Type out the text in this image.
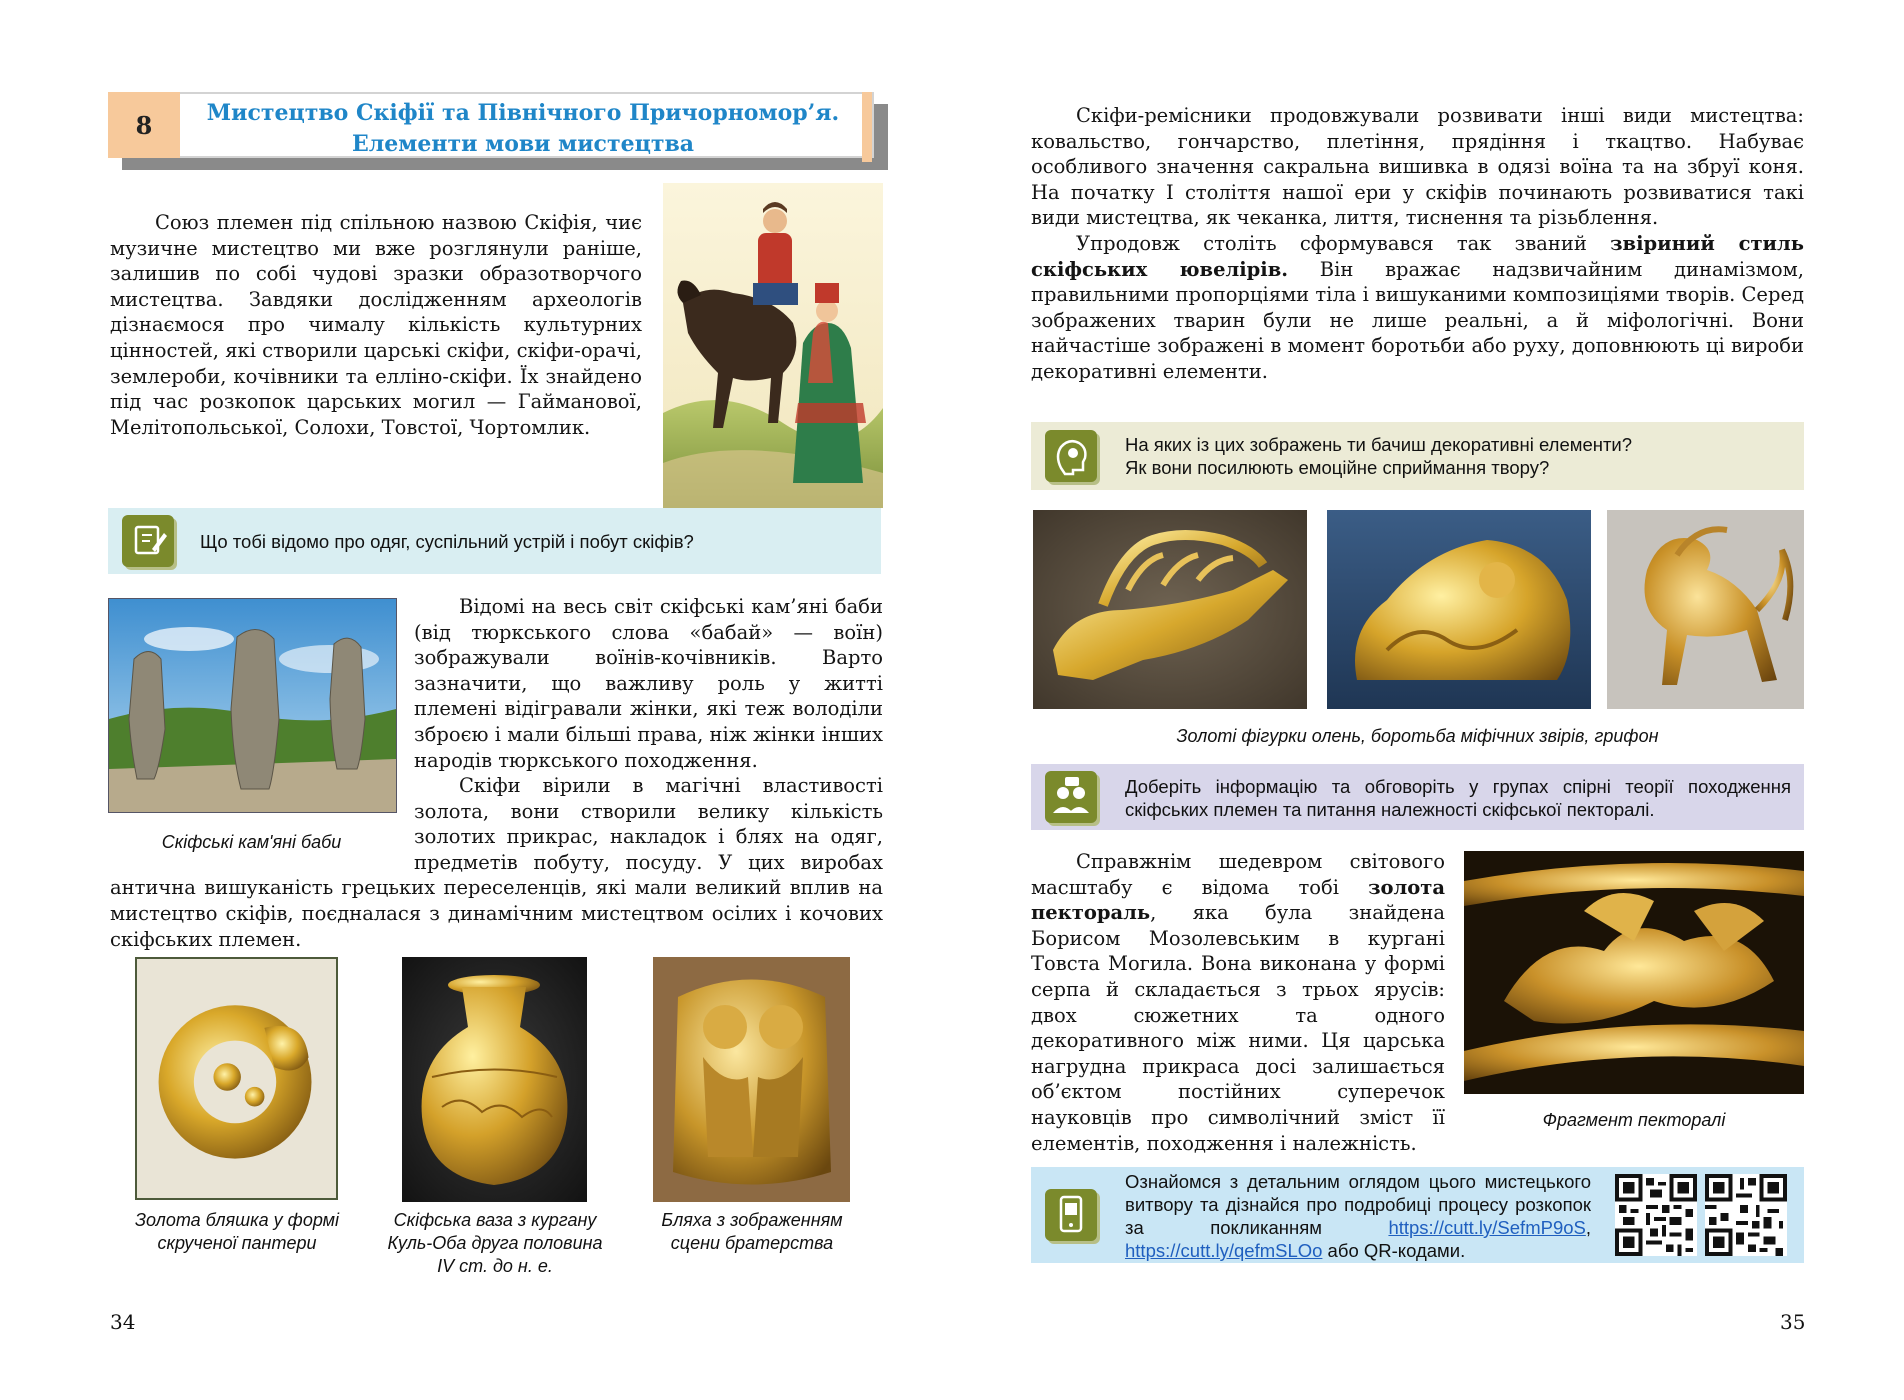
8	Мистецтво Скіфії та Північного Причорномор’я.
Елементи мови мистецтва

Союз племен під спільною назвою Скіфія, чиє музичне мистецтво ми вже розглянули раніше, залишив по собі чудові зразки образотворчого мистецтва. Завдяки дослідженням археологів дізнаємося про чималу кількість культурних цінностей, які створили царські скіфи, скіфи-орачі, землероби, кочівники та елліно-скіфи. Їх знайдено під час розкопок царських могил — Гайманової, Мелітопольської, Солохи, Товстої, Чортомлик.

Що тобі відомо про одяг, суспільний устрій і побут скіфів?
Скіфські кам'яні баби

Відомі на весь світ скіфські кам’яні баби (від тюркського слова «бабай» — воїн) зображували воїнів-кочівників. Варто зазначити, що важливу роль у житті племені відігравали жінки, які теж володіли зброєю і мали більші права, ніж жінки інших народів тюркського походження.

Скіфи вірили в магічні властивості золота, вони створили велику кількість золотих прикрас, накладок і блях на одяг, предметів побуту, посуду. У цих виробах антична вишуканість грецьких переселенців, які мали великий вплив на мистецтво скіфів, поєдналася з динамічним мистецтвом осілих і кочових скіфських племен.

Золота бляшка у формі
скрученої пантери
Скіфська ваза з кургану
Куль-Оба друга половина
IV ст. до н. е.
Бляха з зображенням
сцени братерства
34

Скіфи-ремісники продовжували розвивати інші види мистецтва: ковальство, гончарство, плетіння, прядіння і ткацтво. Набуває особливого значення сакральна вишивка в одязі воїна та на збруї коня. На початку І століття нашої ери у скіфів починають розвиватися такі види мистецтва, як чеканка, лиття, тиснення та різьблення.

Упродовж століть сформувався так званий звіриний стиль скіфських ювелірів. Він вражає надзвичайним динамізмом, правильними пропорціями тіла і вишуканими композиціями творів. Серед зображених тварин були не лише реальні, а й міфологічні. Вони найчастіше зображені в момент боротьби або руху, доповнюють ці вироби декоративні елементи.

На яких із цих зображень ти бачиш декоративні елементи?
Як вони посилюють емоційне сприймання твору?
Золоті фігурки олень, боротьба міфічних звірів, грифон
Доберіть інформацію та обговоріть у групах спірні теорії походження скіфських племен та питання належності скіфської пекторалі.

Справжнім шедевром світового масштабу є відома тобі золота пектораль, яка була знайдена Борисом Мозолевським в кургані Товста Могила. Вона виконана у формі серпа й складається з трьох ярусів: двох сюжетних та одного декоративного між ними. Ця царська нагрудна прикраса досі залишається об’єктом постійних суперечок науковців про символічний зміст її елементів, походження і належність.

Фрагмент пекторалі
Ознайомся з детальним оглядом цього мистецького витвору та дізнайся про подробиці процесу розкопок за покликанням https://cutt.ly/SefmP9oS, https://cutt.ly/qefmSLOo або QR-кодами.
35
